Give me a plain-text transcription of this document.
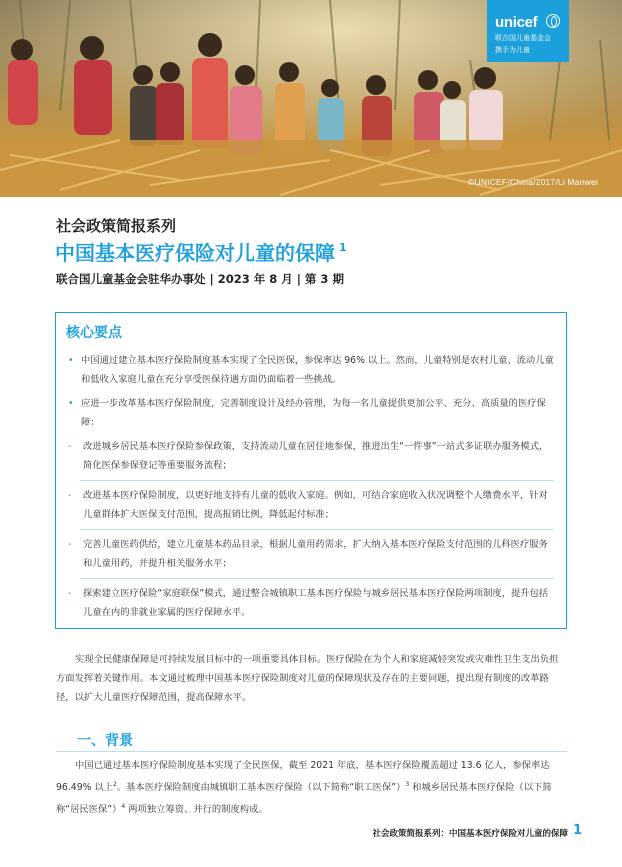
unicef
联合国儿童基金会
携手为儿童
©UNICEF/China/2017/Li Manwei
社会政策简报系列
中国基本医疗保险对儿童的保障 $^1$
联合国儿童基金会驻华办事处 | 2023 年 8 月 | 第 3 期
核心要点
• 中国通过建立基本医疗保险制度基本实现了全民医保，参保率达 96% 以上。然而，儿童特别是农村儿童、流动儿童和低收入家庭儿童在充分享受医保待遇方面仍面临着一些挑战。
• 应进一步改革基本医疗保险制度，完善制度设计及经办管理，为每一名儿童提供更加公平、充分、高质量的医疗保障：
- 改进城乡居民基本医疗保险参保政策，支持流动儿童在居住地参保，推进出生“一件事”一站式多证联办服务模式，简化医保参保登记等重要服务流程；
- 改进基本医疗保险制度，以更好地支持有儿童的低收入家庭。例如，可结合家庭收入状况调整个人缴费水平，针对儿童群体扩大医保支付范围，提高报销比例，降低起付标准；
- 完善儿童医药供给，建立儿童基本药品目录，根据儿童用药需求，扩大纳入基本医疗保险支付范围的儿科医疗服务和儿童用药，并提升相关服务水平；
- 探索建立医疗保险“家庭联保”模式，通过整合城镇职工基本医疗保险与城乡居民基本医疗保险两项制度，提升包括儿童在内的非就业家属的医疗保障水平。
实现全民健康保障是可持续发展目标中的一项重要具体目标。医疗保险在为个人和家庭减轻突发或灾难性卫生支出负担方面发挥着关键作用。本文通过梳理中国基本医疗保险制度对儿童的保障现状及存在的主要问题，提出现有制度的改革路径，以扩大儿童医疗保障范围，提高保障水平。
一、背景
中国已通过基本医疗保险制度基本实现了全民医保，截至 2021 年底，基本医疗保险覆盖超过 13.6 亿人，参保率达 96.49% 以上$^2$。基本医疗保险制度由城镇职工基本医疗保险（以下简称“职工医保”）$^3$ 和城乡居民基本医疗保险（以下简称“居民医保”）$^4$ 两项独立筹资、并行的制度构成。
社会政策简报系列：中国基本医疗保险对儿童的保障 1
